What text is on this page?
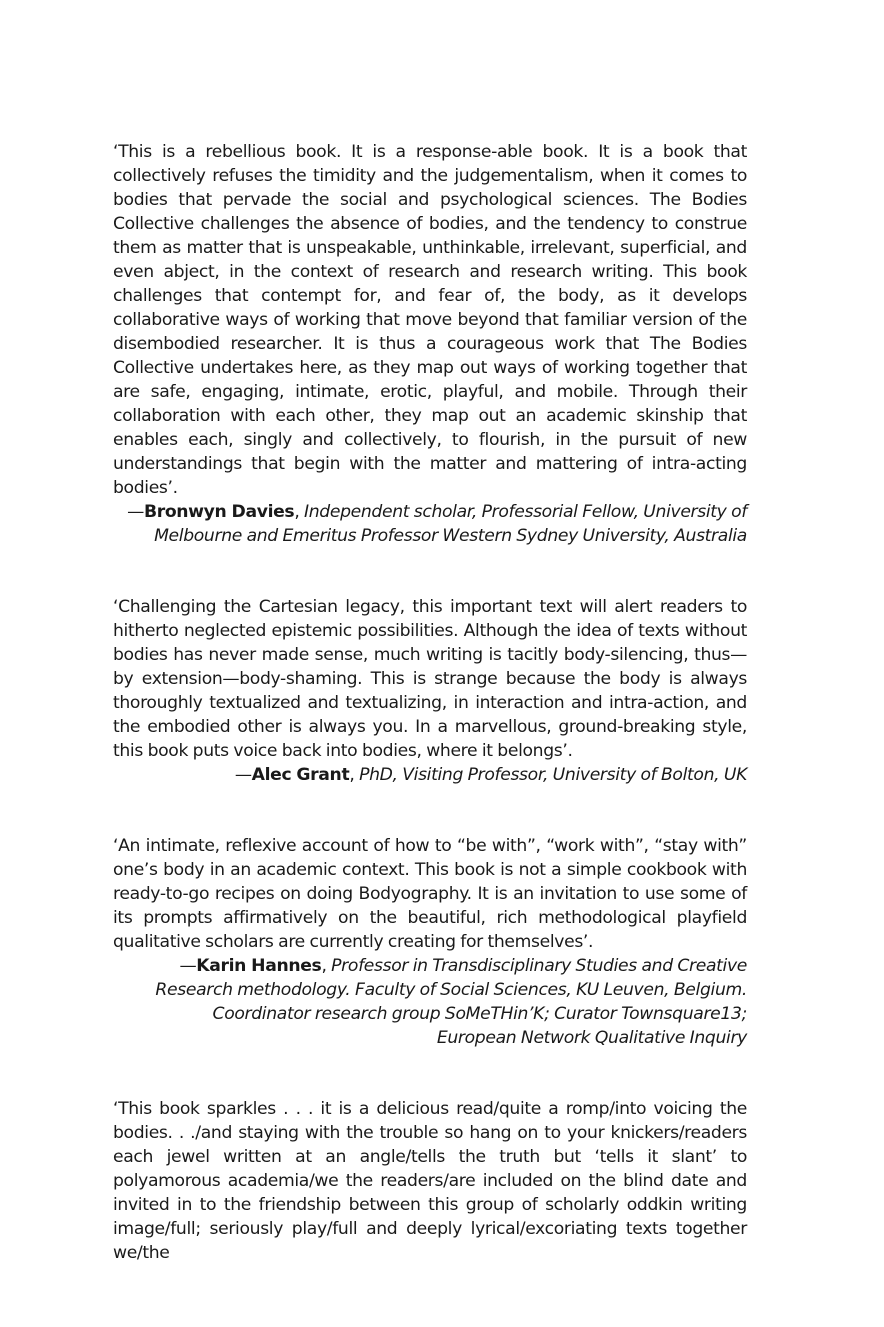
‘This is a rebellious book. It is a response-able book. It is a book that collectively refuses the timidity and the judgementalism, when it comes to bodies that pervade the social and psychological sciences. The Bodies Collective challenges the absence of bodies, and the tendency to construe them as matter that is unspeakable, unthinkable, irrelevant, superficial, and even abject, in the context of research and research writing. This book challenges that contempt for, and fear of, the body, as it develops collaborative ways of working that move beyond that familiar version of the disembodied researcher. It is thus a courageous work that The Bodies Collective undertakes here, as they map out ways of working together that are safe, engaging, intimate, erotic, playful, and mobile. Through their collaboration with each other, they map out an academic skinship that enables each, singly and collectively, to flourish, in the pursuit of new understandings that begin with the matter and mattering of intra-acting bodies’.

—Bronwyn Davies, Independent scholar, Professorial Fellow, University of Melbourne and Emeritus Professor Western Sydney University, Australia

‘Challenging the Cartesian legacy, this important text will alert readers to hitherto neglected epistemic possibilities. Although the idea of texts without bodies has never made sense, much writing is tacitly body-silencing, thus—by extension—body-shaming. This is strange because the body is always thoroughly textualized and textualizing, in interaction and intra-action, and the embodied other is always you. In a marvellous, ground-breaking style, this book puts voice back into bodies, where it belongs’.

—Alec Grant, PhD, Visiting Professor, University of Bolton, UK

‘An intimate, reflexive account of how to “be with”, “work with”, “stay with” one’s body in an academic context. This book is not a simple cookbook with ready-to-go recipes on doing Bodyography. It is an invitation to use some of its prompts affirmatively on the beautiful, rich methodological playfield qualitative scholars are currently creating for themselves’.

—Karin Hannes, Professor in Transdisciplinary Studies and Creative

Research methodology. Faculty of Social Sciences, KU Leuven, Belgium.

Coordinator research group SoMeTHin’K; Curator Townsquare13;

European Network Qualitative Inquiry

‘This book sparkles . . . it is a delicious read/quite a romp/into voicing the bodies. . ./and staying with the trouble so hang on to your knickers/readers each jewel written at an angle/tells the truth but ‘tells it slant’ to polyamorous academia/we the readers/are included on the blind date and invited in to the friendship between this group of scholarly oddkin writing image/full; seriously play/full and deeply lyrical/excoriating texts together we/the
